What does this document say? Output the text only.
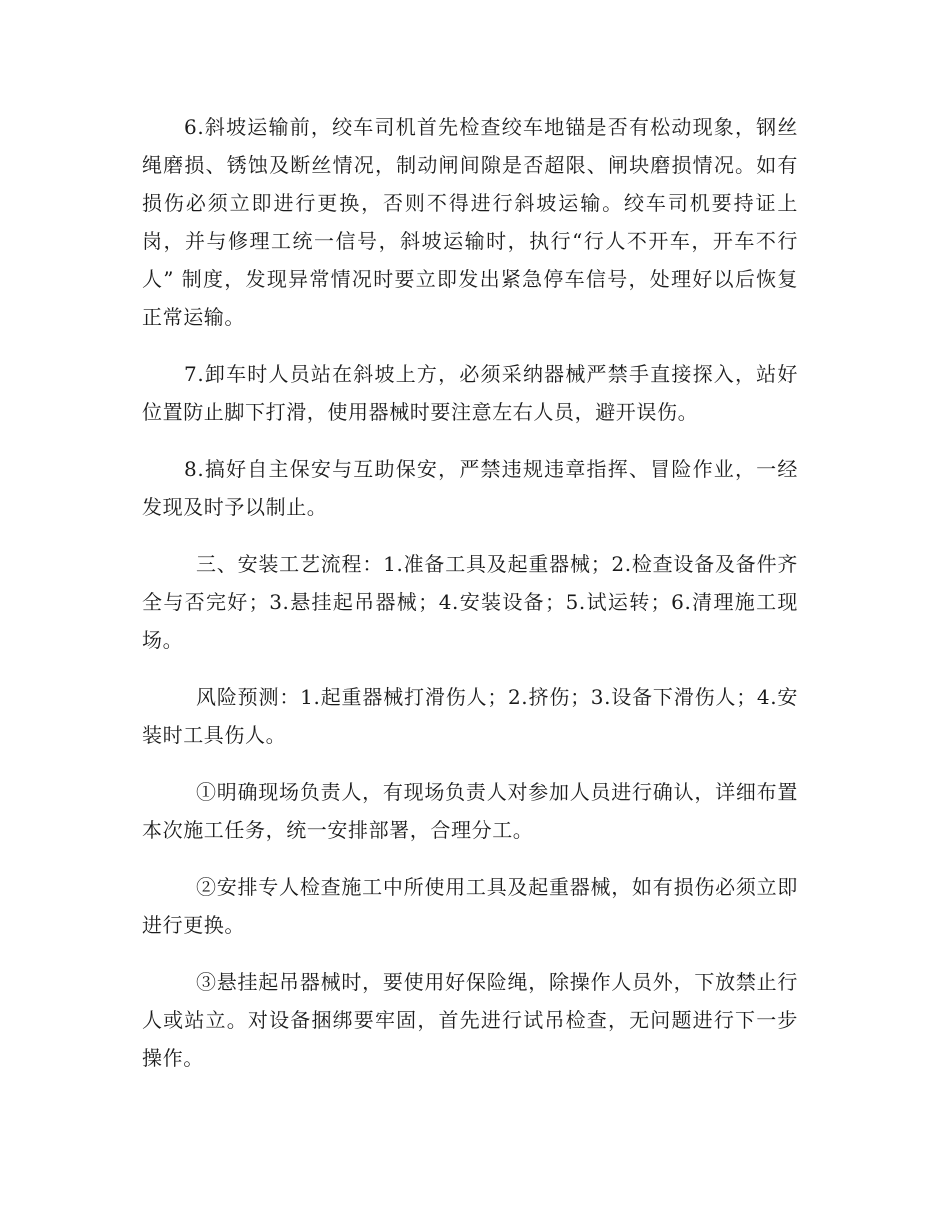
6.斜坡运输前，绞车司机首先检查绞车地锚是否有松动现象，钢丝绳磨损、锈蚀及断丝情况，制动闸间隙是否超限、闸块磨损情况。如有损伤必须立即进行更换，否则不得进行斜坡运输。绞车司机要持证上岗，并与修理工统一信号，斜坡运输时，执行“行人不开车，开车不行人” 制度，发现异常情况时要立即发出紧急停车信号，处理好以后恢复正常运输。

7.卸车时人员站在斜坡上方，必须采纳器械严禁手直接探入，站好位置防止脚下打滑，使用器械时要注意左右人员，避开误伤。

8.搞好自主保安与互助保安，严禁违规违章指挥、冒险作业，一经发现及时予以制止。

三、安装工艺流程：1.准备工具及起重器械；2.检查设备及备件齐全与否完好；3.悬挂起吊器械；4.安装设备；5.试运转；6.清理施工现场。

风险预测：1.起重器械打滑伤人；2.挤伤；3.设备下滑伤人；4.安装时工具伤人。

①明确现场负责人，有现场负责人对参加人员进行确认，详细布置本次施工任务，统一安排部署，合理分工。

②安排专人检查施工中所使用工具及起重器械，如有损伤必须立即进行更换。

③悬挂起吊器械时，要使用好保险绳，除操作人员外，下放禁止行人或站立。对设备捆绑要牢固，首先进行试吊检查，无问题进行下一步操作。
